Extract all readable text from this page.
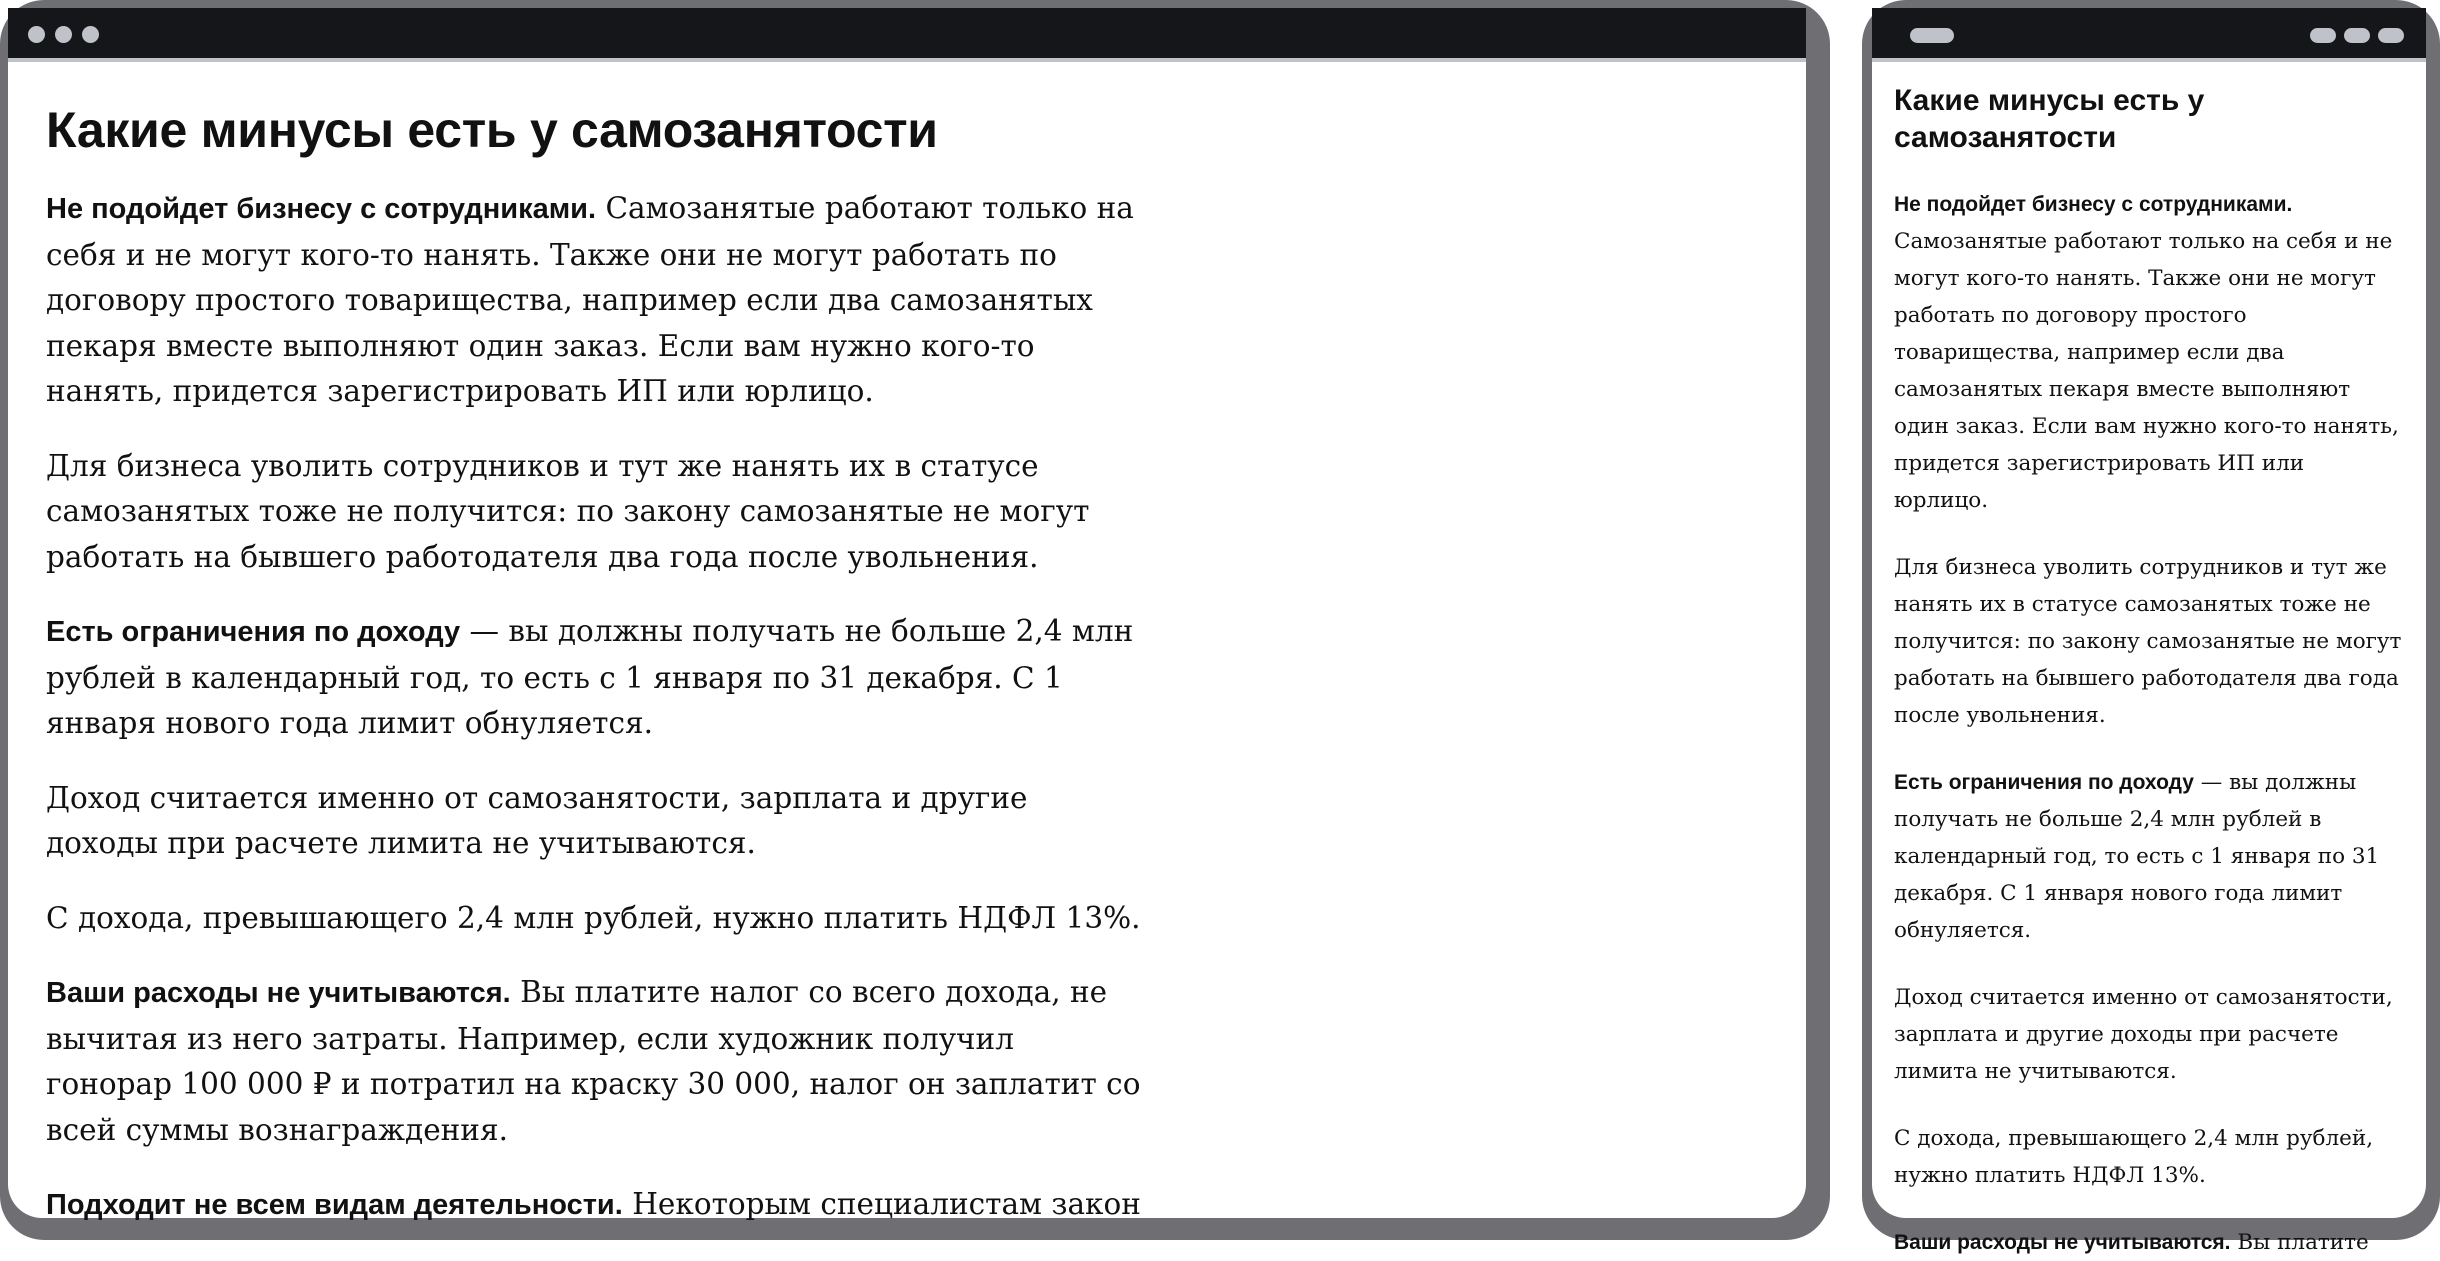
Какие минусы есть у самозанятости

Не подойдет бизнесу с сотрудниками. Самозанятые работают только на себя и не могут кого-то нанять. Также они не могут работать по договору простого товарищества, например если два самозанятых пекаря вместе выполняют один заказ. Если вам нужно кого-то нанять, придется зарегистрировать ИП или юрлицо.

Для бизнеса уволить сотрудников и тут же нанять их в статусе самозанятых тоже не получится: по закону самозанятые не могут работать на бывшего работодателя два года после увольнения.

Есть ограничения по доходу — вы должны получать не больше 2,4 млн рублей в календарный год, то есть с 1 января по 31 декабря. С 1 января нового года лимит обнуляется.

Доход считается именно от самозанятости, зарплата и другие доходы при расчете лимита не учитываются.

С дохода, превышающего 2,4 млн рублей, нужно платить НДФЛ 13%.

Ваши расходы не учитываются. Вы платите налог со всего дохода, не вычитая из него затраты. Например, если художник получил гонорар 100 000 ₽ и потратил на краску 30 000, налог он заплатит со всей суммы вознаграждения.

Подходит не всем видам деятельности. Некоторым специалистам закон

Какие минусы есть у самозанятости

Не подойдет бизнесу с сотрудниками. Самозанятые работают только на себя и не могут кого-то нанять. Также они не могут работать по договору простого товарищества, например если два самозанятых пекаря вместе выполняют один заказ. Если вам нужно кого-то нанять, придется зарегистрировать ИП или юрлицо.

Для бизнеса уволить сотрудников и тут же нанять их в статусе самозанятых тоже не получится: по закону самозанятые не могут работать на бывшего работодателя два года после увольнения.

Есть ограничения по доходу — вы должны получать не больше 2,4 млн рублей в календарный год, то есть с 1 января по 31 декабря. С 1 января нового года лимит обнуляется.

Доход считается именно от самозанятости, зарплата и другие доходы при расчете лимита не учитываются.

С дохода, превышающего 2,4 млн рублей, нужно платить НДФЛ 13%.

Ваши расходы не учитываются. Вы платите
